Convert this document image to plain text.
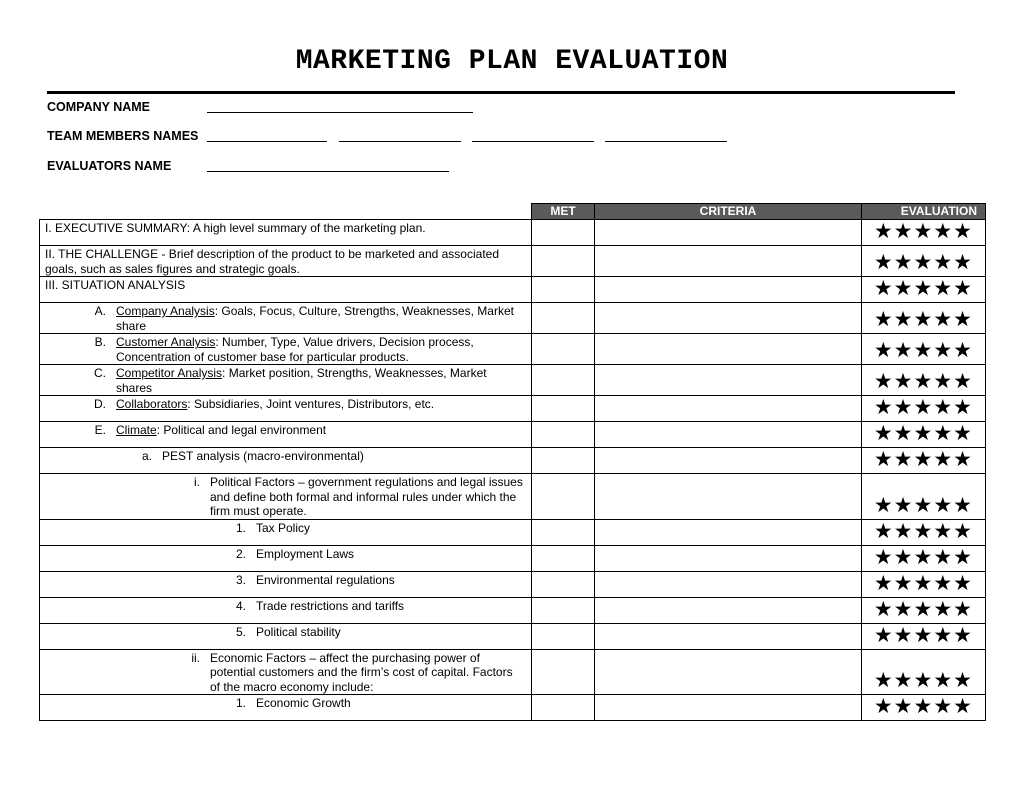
MARKETING PLAN EVALUATION
COMPANY NAME
TEAM MEMBERS NAMES
EVALUATORS NAME
	MET	CRITERIA	EVALUATION

I. EXECUTIVE SUMMARY: A high level summary of the marketing plan.			★★★★★

II. THE CHALLENGE - Brief description of the product to be marketed and associated goals, such as sales figures and strategic goals.			★★★★★

III. SITUATION ANALYSIS			★★★★★

A. Company Analysis: Goals, Focus, Culture, Strengths, Weaknesses, Market share			★★★★★

B. Customer Analysis: Number, Type, Value drivers, Decision process, Concentration of customer base for particular products.			★★★★★

C. Competitor Analysis: Market position, Strengths, Weaknesses, Market shares			★★★★★

D. Collaborators: Subsidiaries, Joint ventures, Distributors, etc.			★★★★★

E. Climate: Political and legal environment			★★★★★

a. PEST analysis (macro-environmental)			★★★★★

i. Political Factors – government regulations and legal issues and define both formal and informal rules under which the firm must operate.			★★★★★

1. Tax Policy			★★★★★

2. Employment Laws			★★★★★

3. Environmental regulations			★★★★★

4. Trade restrictions and tariffs			★★★★★

5. Political stability			★★★★★

ii. Economic Factors – affect the purchasing power of potential customers and the firm’s cost of capital. Factors of the macro economy include:			★★★★★

1. Economic Growth			★★★★★
